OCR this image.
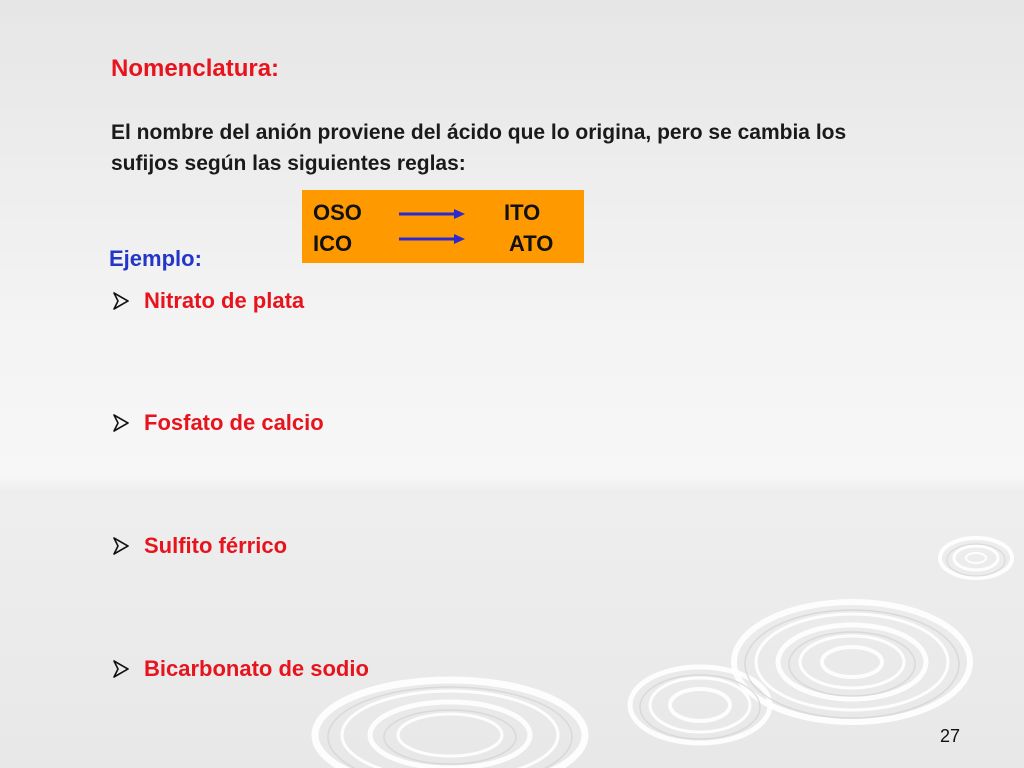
Nomenclatura:
El nombre del anión proviene del ácido que lo origina, pero se cambia los sufijos según las siguientes reglas:
OSO	ITO
ICO	ATO
Ejemplo:
Nitrato de plata
Fosfato de calcio
Sulfito férrico
Bicarbonato de sodio
27
